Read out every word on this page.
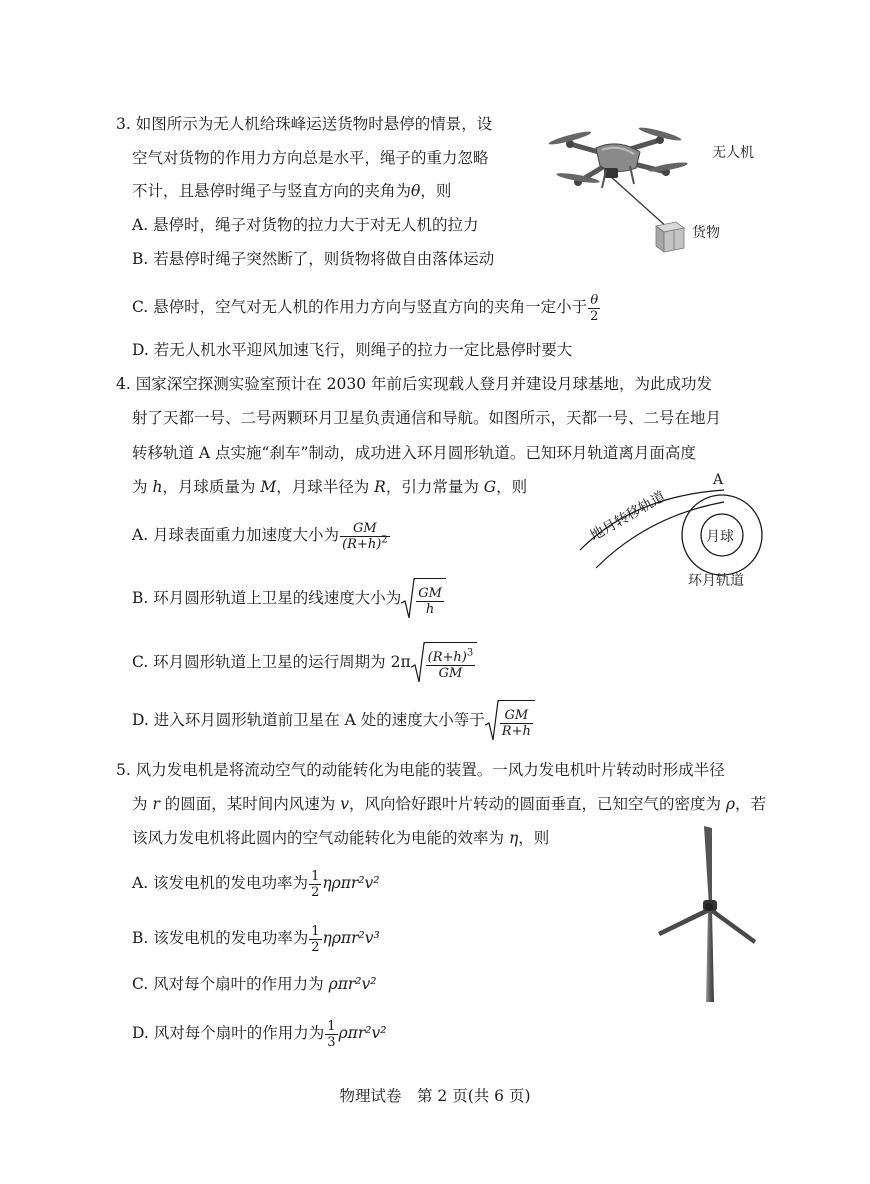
3. 如图所示为无人机给珠峰运送货物时悬停的情景，设
空气对货物的作用力方向总是水平，绳子的重力忽略
不计，且悬停时绳子与竖直方向的夹角为θ，则
A. 悬停时，绳子对货物的拉力大于对无人机的拉力
B. 若悬停时绳子突然断了，则货物将做自由落体运动
C. 悬停时，空气对无人机的作用力方向与竖直方向的夹角一定小于 $\frac{\theta}{2}$
D. 若无人机水平迎风加速飞行，则绳子的拉力一定比悬停时要大
无人机
货物
4. 国家深空探测实验室预计在 2030 年前后实现载人登月并建设月球基地，为此成功发
射了天都一号、二号两颗环月卫星负责通信和导航。如图所示，天都一号、二号在地月
转移轨道 A 点实施“刹车”制动，成功进入环月圆形轨道。已知环月轨道离月面高度
为 h，月球质量为 M，月球半径为 R，引力常量为 G，则
A. 月球表面重力加速度大小为 $\frac{GM}{(R+h)^2}$
B. 环月圆形轨道上卫星的线速度大小为 $\frac{GM}{h}$
C. 环月圆形轨道上卫星的运行周期为 $2\pi \frac{(R+h)^3}{GM}$
D. 进入环月圆形轨道前卫星在 A 处的速度大小等于 $\frac{GM}{R+h}$
A
月球
地月转移轨道
环月轨道
5. 风力发电机是将流动空气的动能转化为电能的装置。一风力发电机叶片转动时形成半径
为 r 的圆面，某时间内风速为 v，风向恰好跟叶片转动的圆面垂直，已知空气的密度为 ρ，若
该风力发电机将此圆内的空气动能转化为电能的效率为 η，则
A. 该发电机的发电功率为 $\frac{1}{2} \eta\rho\pi r^2v^2$
B. 该发电机的发电功率为 $\frac{1}{2} \eta\rho\pi r^2v^3$
C. 风对每个扇叶的作用力为 ρπr²v²
D. 风对每个扇叶的作用力为 $\frac{1}{3} \rho\pi r^2v^2$
物理试卷　第 2 页(共 6 页)
